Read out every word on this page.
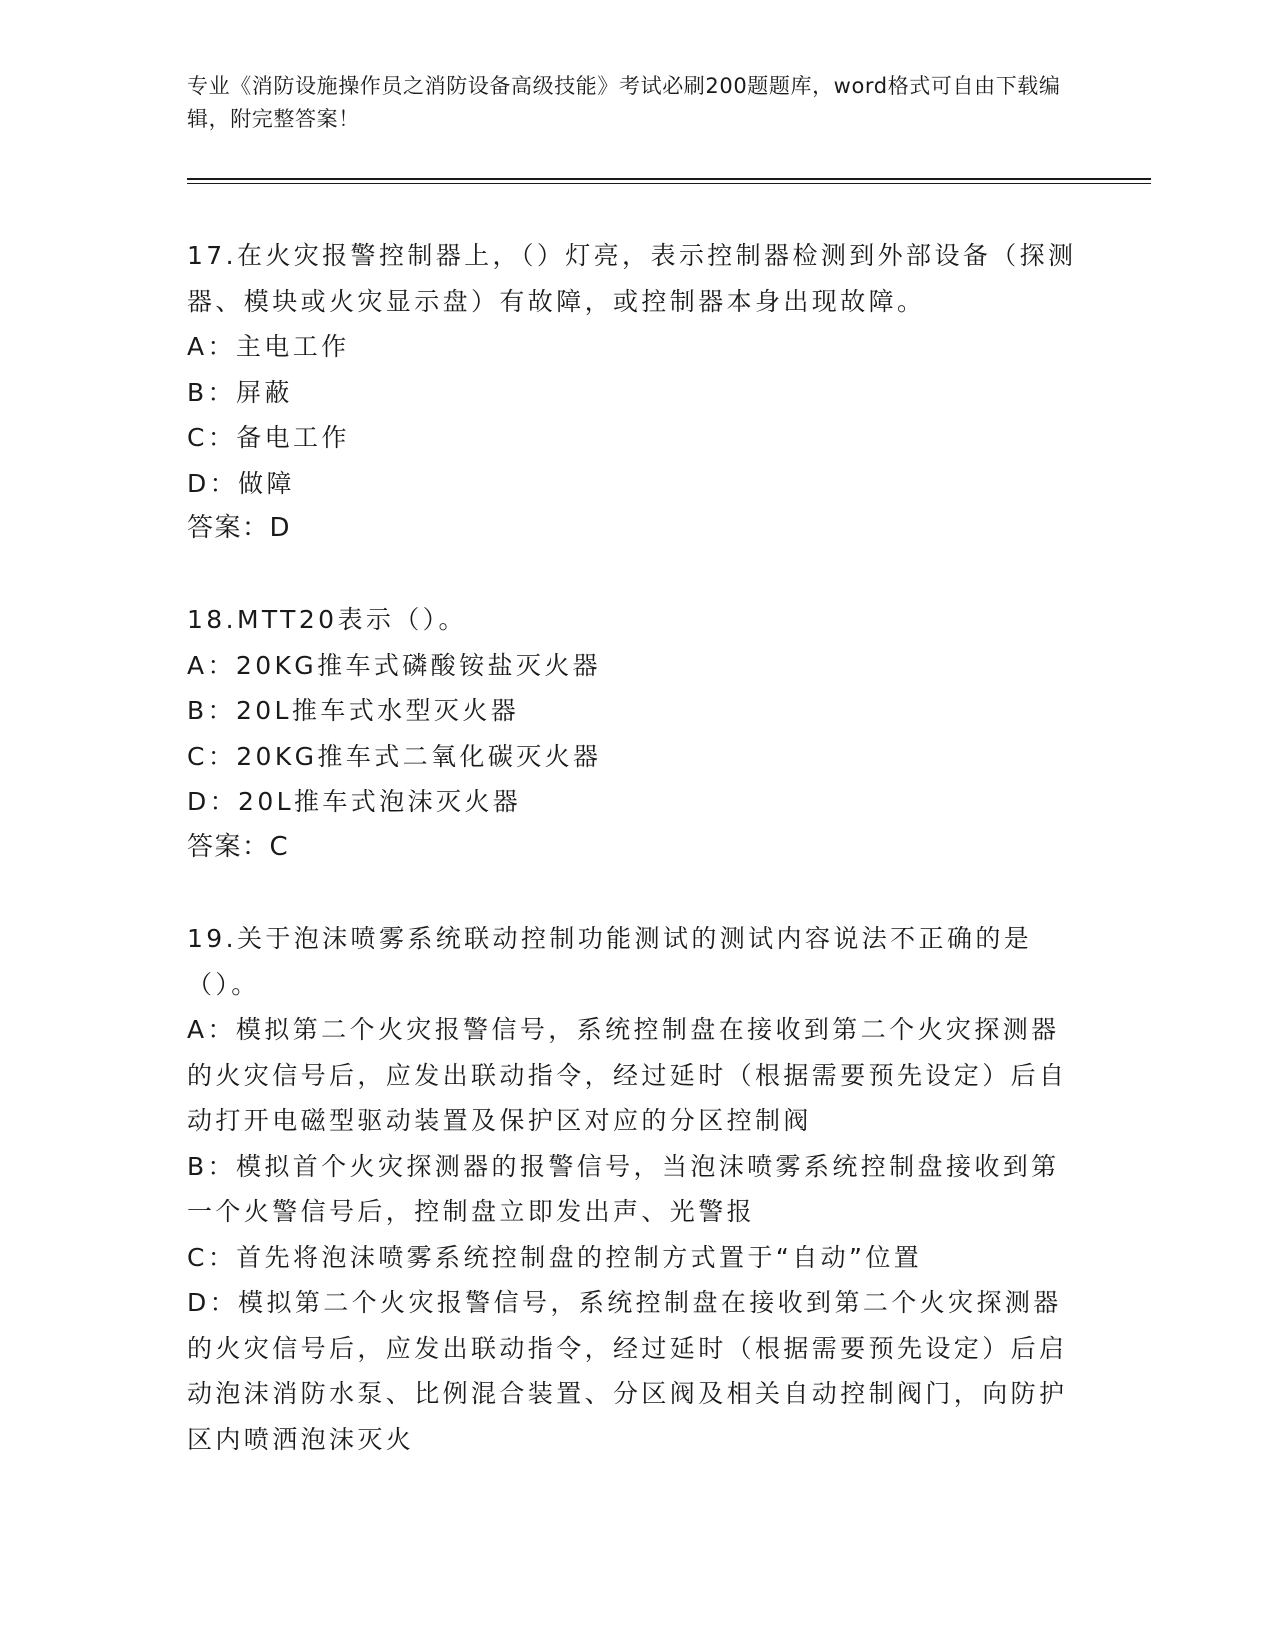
专业《消防设施操作员之消防设备高级技能》考试必刷200题题库，word格式可自由下载编辑，附完整答案！

17.在火灾报警控制器上，（）灯亮，表示控制器检测到外部设备（探测器、模块或火灾显示盘）有故障，或控制器本身出现故障。

A：主电工作

B：屏蔽

C：备电工作

D：做障

答案：D

18.MTT20表示（）。

A：20KG推车式磷酸铵盐灭火器

B：20L推车式水型灭火器

C：20KG推车式二氧化碳灭火器

D：20L推车式泡沫灭火器

答案：C

19.关于泡沫喷雾系统联动控制功能测试的测试内容说法不正确的是（）。

A：模拟第二个火灾报警信号，系统控制盘在接收到第二个火灾探测器的火灾信号后，应发出联动指令，经过延时（根据需要预先设定）后自动打开电磁型驱动装置及保护区对应的分区控制阀

B：模拟首个火灾探测器的报警信号，当泡沫喷雾系统控制盘接收到第一个火警信号后，控制盘立即发出声、光警报

C：首先将泡沫喷雾系统控制盘的控制方式置于“自动”位置

D：模拟第二个火灾报警信号，系统控制盘在接收到第二个火灾探测器的火灾信号后，应发出联动指令，经过延时（根据需要预先设定）后启动泡沫消防水泵、比例混合装置、分区阀及相关自动控制阀门，向防护区内喷洒泡沫灭火
